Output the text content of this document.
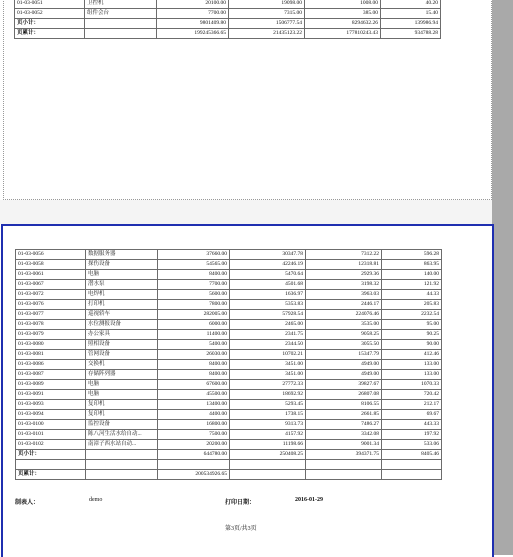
01-03-0051	卫控机	20100.00	19098.00	1008.00	40.20
01-03-0052	组件会台	7700.00	7315.00	385.00	15.40
页小计：		9801409.80	1506777.54	8294632.26	139986.94
页累计：		199245366.65	21435123.22	177810243.43	934788.28
01-03-0056	数据服务器	37660.00	30347.78	7312.22	596.28
01-03-0058	探伤设备	54565.00	42246.19	12318.81	863.95
01-03-0061	电脑	8400.00	5470.64	2929.36	140.00
01-03-0067	潜水泵	7700.00	4501.68	3198.32	121.92
01-03-0072	电焊机	5600.00	1636.97	3963.03	44.33
01-03-0076	打印机	7800.00	5353.83	2446.17	205.83
01-03-0077	巡视轿车	282005.00	57928.54	224076.46	2232.54
01-03-0078	水位测报设备	6000.00	2465.00	3535.00	95.00
01-03-0079	办公家具	11400.00	2341.75	9058.25	90.25
01-03-0080	照相设备	5400.00	2344.50	3055.50	90.00
01-03-0081	管网设备	26030.00	10702.21	15347.79	412.46
01-03-0086	交换机	8400.00	3451.00	4949.00	133.00
01-03-0087	存储阵列器	8400.00	3451.00	4949.00	133.00
01-03-0089	电脑	67600.00	27772.33	39827.67	1070.33
01-03-0091	电脑	45500.00	18692.92	26807.08	720.42
01-03-0093	复印机	13400.00	5293.45	8106.55	212.17
01-03-0094	复印机	4400.00	1738.15	2661.85	69.67
01-03-0100	监控设备	16800.00	9313.73	7486.27	443.33
01-03-0101	陈八河生活水给自动...	7500.00	4157.92	3342.08	197.92
01-03-0102	南漳子西水站自动...	20200.00	11198.66	9001.34	533.06
页小计：		644780.00	250408.25	394371.75	8405.46

页累计：		200534926.65			
制表人：	demo	打印日期：	2016-01-29
第3页/共3页
